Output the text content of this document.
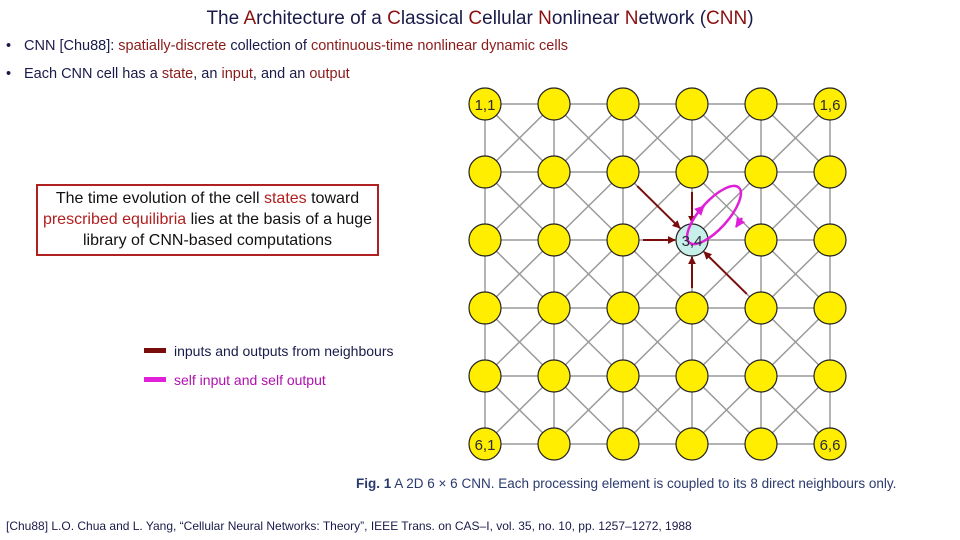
The Architecture of a Classical Cellular Nonlinear Network (CNN)
• CNN [Chu88]: spatially-discrete collection of continuous-time nonlinear dynamic cells
• Each CNN cell has a state, an input, and an output
The time evolution of the cell states toward prescribed equilibria lies at the basis of a huge library of CNN-based computations
inputs and outputs from neighbours
self input and self output
1,1	1,6
3,4
6,1	6,6
Fig. 1 A 2D 6 × 6 CNN. Each processing element is coupled to its 8 direct neighbours only.
[Chu88] L.O. Chua and L. Yang, “Cellular Neural Networks: Theory”, IEEE Trans. on CAS–I, vol. 35, no. 10, pp. 1257–1272, 1988
